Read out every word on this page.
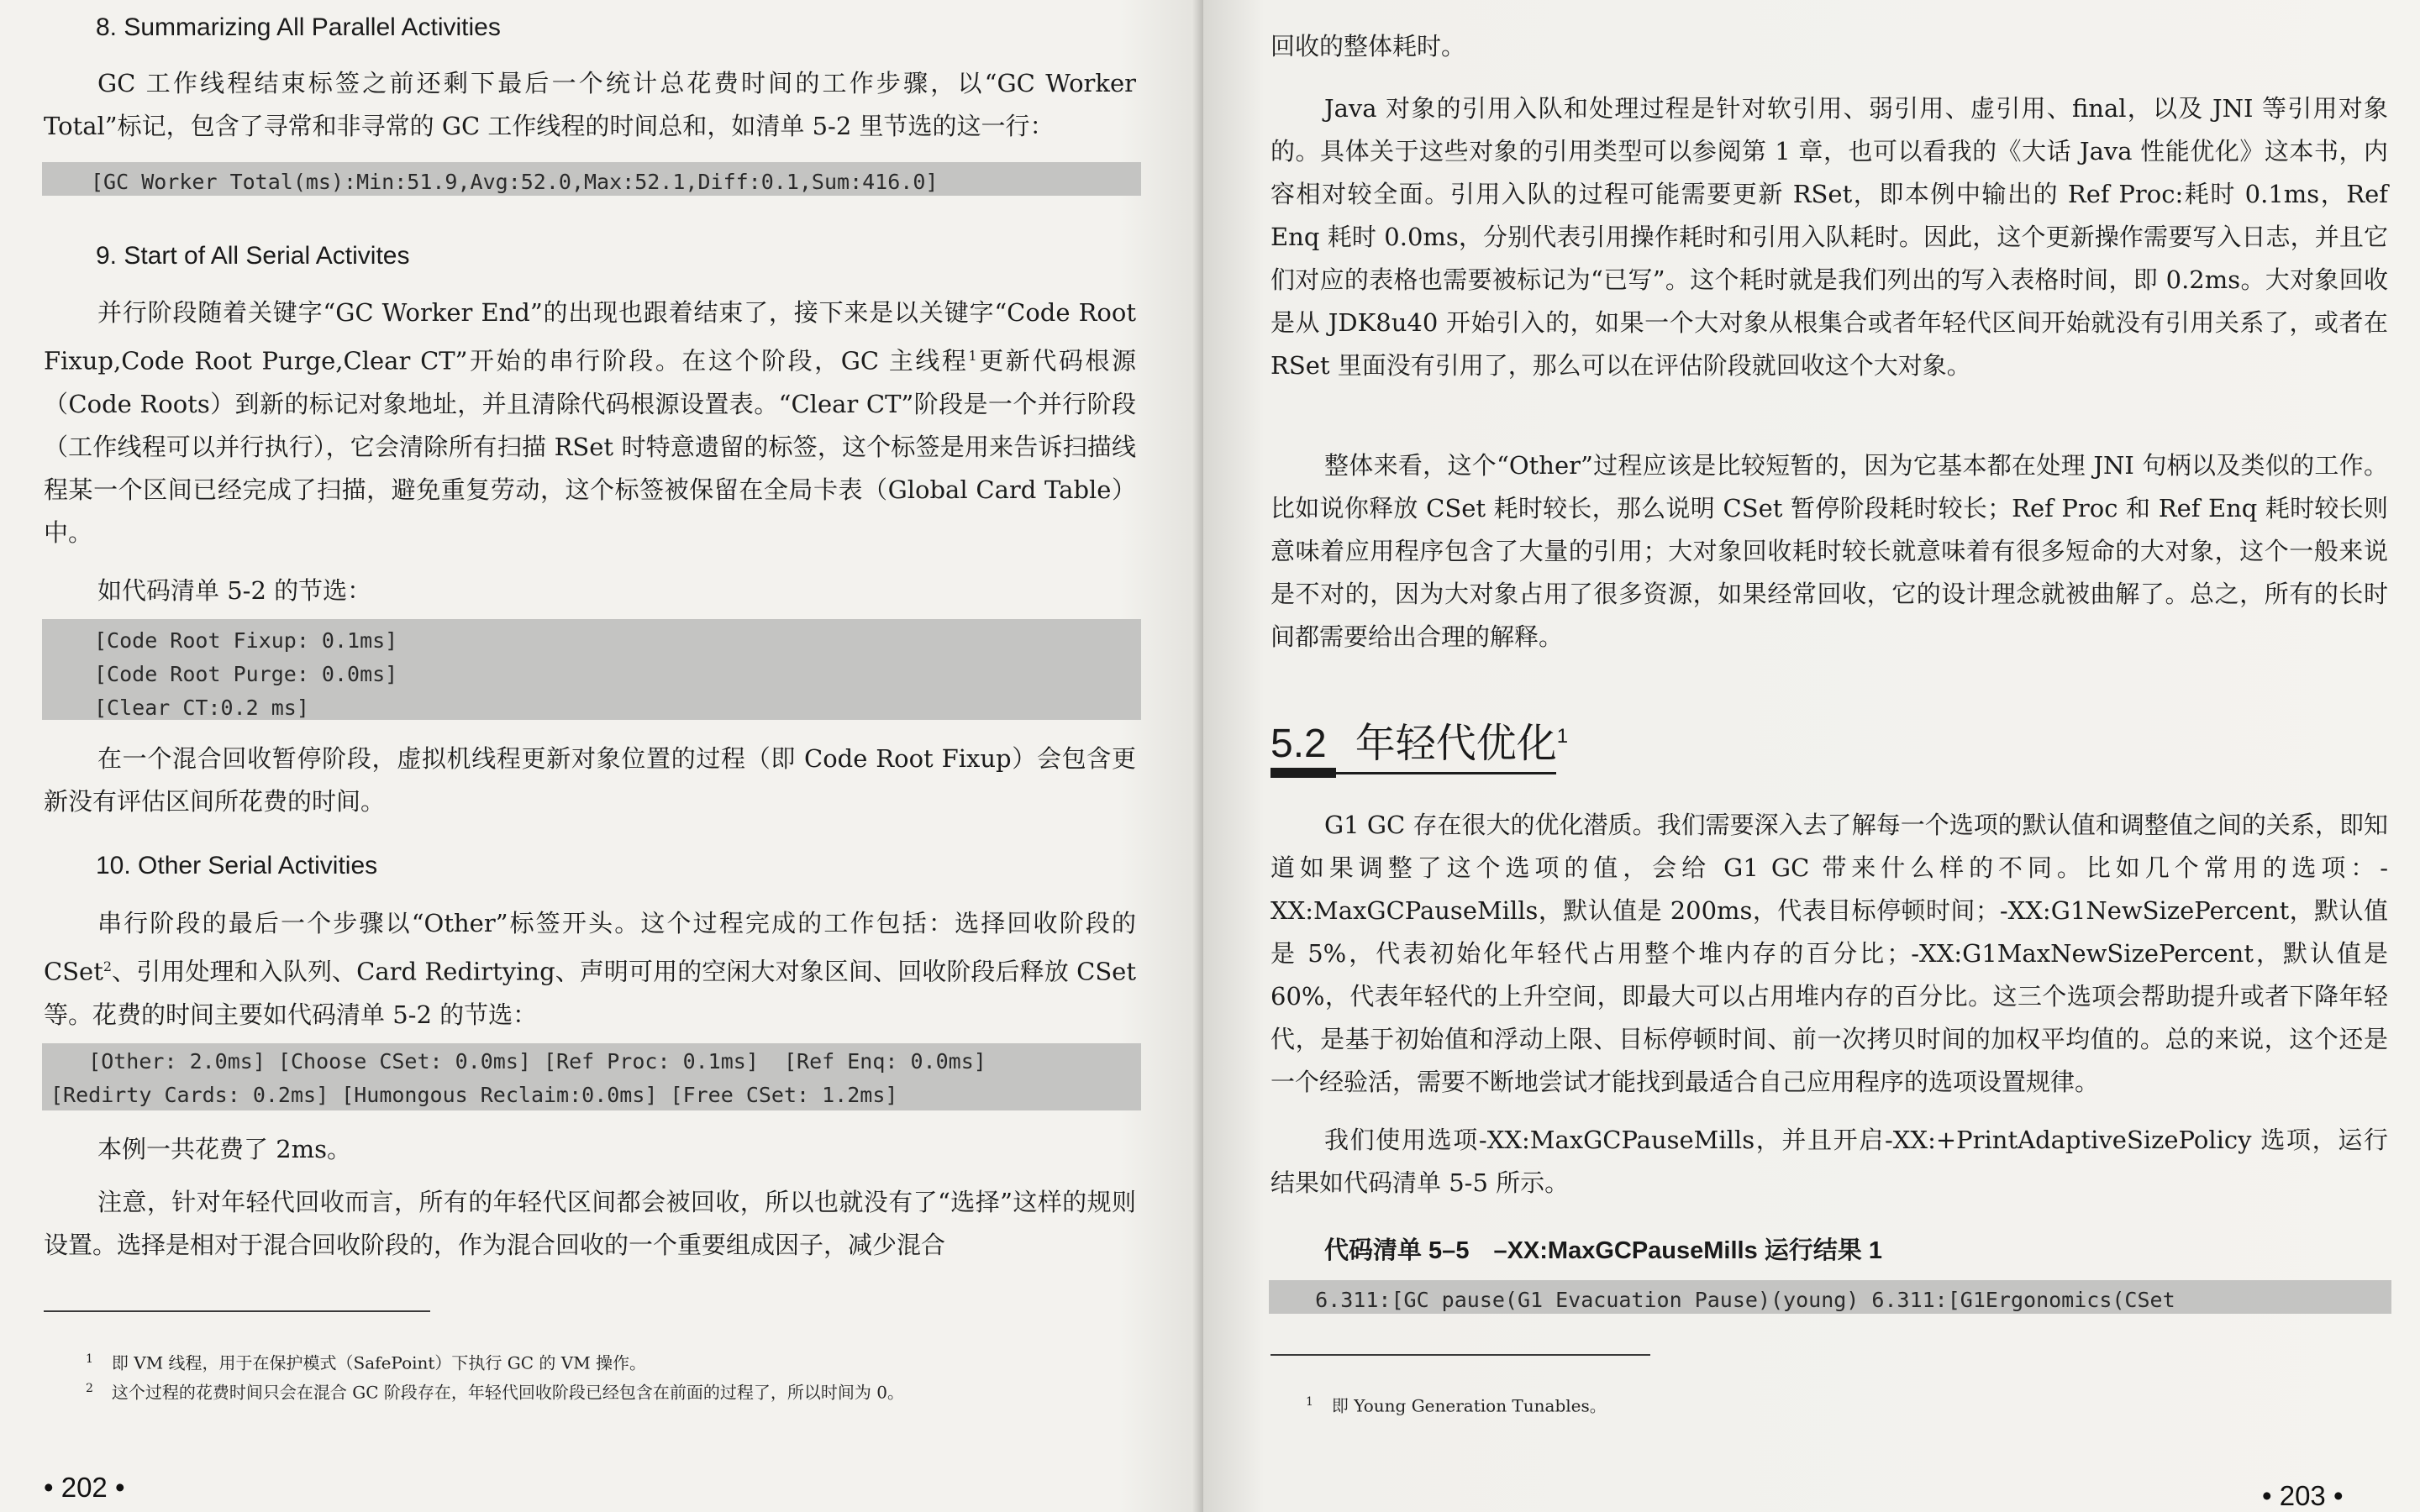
8. Summarizing All Parallel Activities
GC 工作线程结束标签之前还剩下最后一个统计总花费时间的工作步骤，以“GC Worker Total”标记，包含了寻常和非寻常的 GC 工作线程的时间总和，如清单 5-2 里节选的这一行：
[GC Worker Total(ms):Min:51.9,Avg:52.0,Max:52.1,Diff:0.1,Sum:416.0]
9. Start of All Serial Activites
并行阶段随着关键字“GC Worker End”的出现也跟着结束了，接下来是以关键字“Code Root Fixup,Code Root Purge,Clear CT”开始的串行阶段。在这个阶段，GC 主线程$^1$更新代码根源（Code Roots）到新的标记对象地址，并且清除代码根源设置表。“Clear CT”阶段是一个并行阶段（工作线程可以并行执行），它会清除所有扫描 RSet 时特意遗留的标签，这个标签是用来告诉扫描线程某一个区间已经完成了扫描，避免重复劳动，这个标签被保留在全局卡表（Global Card Table）中。
如代码清单 5-2 的节选：
[Code Root Fixup: 0.1ms]
[Code Root Purge: 0.0ms]
[Clear CT:0.2 ms]
在一个混合回收暂停阶段，虚拟机线程更新对象位置的过程（即 Code Root Fixup）会包含更新没有评估区间所花费的时间。
10. Other Serial Activities
串行阶段的最后一个步骤以“Other”标签开头。这个过程完成的工作包括：选择回收阶段的 CSet$^2$、引用处理和入队列、Card Redirtying、声明可用的空闲大对象区间、回收阶段后释放 CSet 等。花费的时间主要如代码清单 5-2 的节选：
[Other: 2.0ms] [Choose CSet: 0.0ms] [Ref Proc: 0.1ms]  [Ref Enq: 0.0ms]
[Redirty Cards: 0.2ms] [Humongous Reclaim:0.0ms] [Free CSet: 1.2ms]
本例一共花费了 2ms。
注意，针对年轻代回收而言，所有的年轻代区间都会被回收，所以也就没有了“选择”这样的规则设置。选择是相对于混合回收阶段的，作为混合回收的一个重要组成因子，减少混合
$^1$ 即 VM 线程，用于在保护模式（SafePoint）下执行 GC 的 VM 操作。
$^2$ 这个过程的花费时间只会在混合 GC 阶段存在，年轻代回收阶段已经包含在前面的过程了，所以时间为 0。
• 202 •
回收的整体耗时。
Java 对象的引用入队和处理过程是针对软引用、弱引用、虚引用、final，以及 JNI 等引用对象的。具体关于这些对象的引用类型可以参阅第 1 章，也可以看我的《大话 Java 性能优化》这本书，内容相对较全面。引用入队的过程可能需要更新 RSet，即本例中输出的 Ref Proc:耗时 0.1ms，Ref Enq 耗时 0.0ms，分别代表引用操作耗时和引用入队耗时。因此，这个更新操作需要写入日志，并且它们对应的表格也需要被标记为“已写”。这个耗时就是我们列出的写入表格时间，即 0.2ms。大对象回收是从 JDK8u40 开始引入的，如果一个大对象从根集合或者年轻代区间开始就没有引用关系了，或者在 RSet 里面没有引用了，那么可以在评估阶段就回收这个大对象。
整体来看，这个“Other”过程应该是比较短暂的，因为它基本都在处理 JNI 句柄以及类似的工作。比如说你释放 CSet 耗时较长，那么说明 CSet 暂停阶段耗时较长；Ref Proc 和 Ref Enq 耗时较长则意味着应用程序包含了大量的引用；大对象回收耗时较长就意味着有很多短命的大对象，这个一般来说是不对的，因为大对象占用了很多资源，如果经常回收，它的设计理念就被曲解了。总之，所有的长时间都需要给出合理的解释。
5.2 年轻代优化$^1$
G1 GC 存在很大的优化潜质。我们需要深入去了解每一个选项的默认值和调整值之间的关系，即知道如果调整了这个选项的值，会给 G1 GC 带来什么样的不同。比如几个常用的选项：-XX:MaxGCPauseMills，默认值是 200ms，代表目标停顿时间；-XX:G1NewSizePercent，默认值是 5%，代表初始化年轻代占用整个堆内存的百分比；-XX:G1MaxNewSizePercent，默认值是 60%，代表年轻代的上升空间，即最大可以占用堆内存的百分比。这三个选项会帮助提升或者下降年轻代，是基于初始值和浮动上限、目标停顿时间、前一次拷贝时间的加权平均值的。总的来说，这个还是一个经验活，需要不断地尝试才能找到最适合自己应用程序的选项设置规律。
我们使用选项-XX:MaxGCPauseMills，并且开启-XX:+PrintAdaptiveSizePolicy 选项，运行结果如代码清单 5-5 所示。
代码清单 5–5　–XX:MaxGCPauseMills 运行结果 1
6.311:[GC pause(G1 Evacuation Pause)(young) 6.311:[G1Ergonomics(CSet
$^1$ 即 Young Generation Tunables。
• 203 •
